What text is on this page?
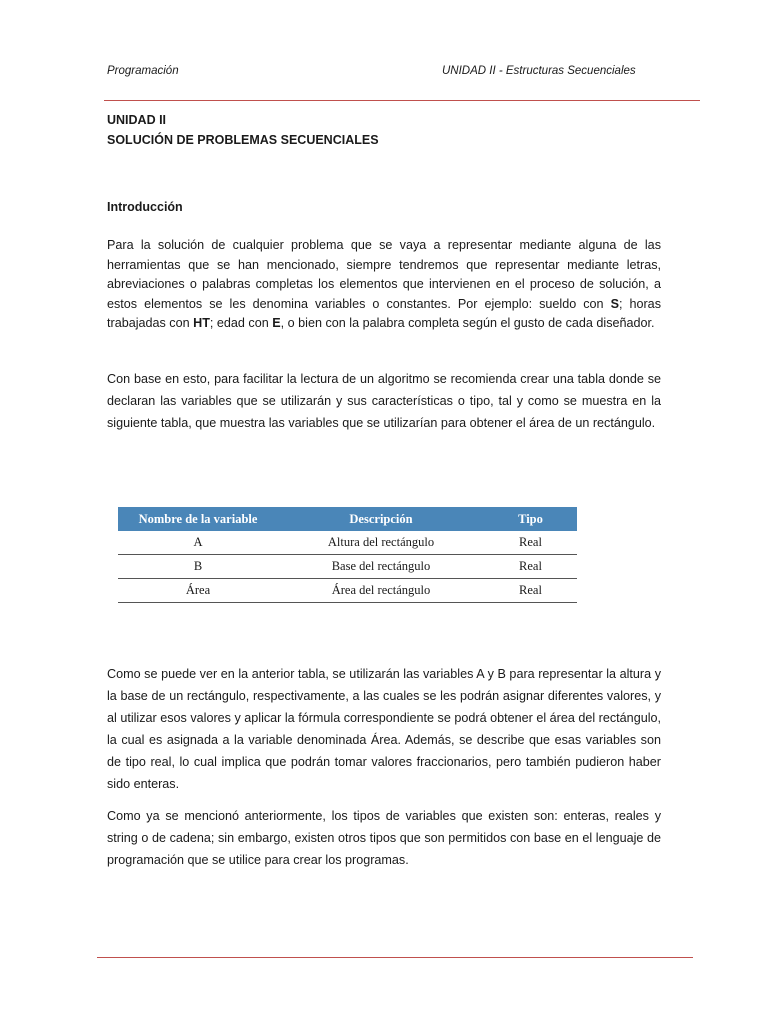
Programación	UNIDAD II - Estructuras Secuenciales
UNIDAD II
SOLUCIÓN DE PROBLEMAS SECUENCIALES
Introducción

Para la solución de cualquier problema que se vaya a representar mediante alguna de las herramientas que se han mencionado, siempre tendremos que representar mediante letras, abreviaciones o palabras completas los elementos que intervienen en el proceso de solución, a estos elementos se les denomina variables o constantes. Por ejemplo: sueldo con S; horas trabajadas con HT; edad con E, o bien con la palabra completa según el gusto de cada diseñador.

Con base en esto, para facilitar la lectura de un algoritmo se recomienda crear una tabla donde se declaran las variables que se utilizarán y sus características o tipo, tal y como se muestra en la siguiente tabla, que muestra las variables que se utilizarían para obtener el área de un rectángulo.

Nombre de la variable	Descripción	Tipo
A	Altura del rectángulo	Real
B	Base del rectángulo	Real
Área	Área del rectángulo	Real

Como se puede ver en la anterior tabla, se utilizarán las variables A y B para representar la altura y la base de un rectángulo, respectivamente, a las cuales se les podrán asignar diferentes valores, y al utilizar esos valores y aplicar la fórmula correspondiente se podrá obtener el área del rectángulo, la cual es asignada a la variable denominada Área. Además, se describe que esas variables son de tipo real, lo cual implica que podrán tomar valores fraccionarios, pero también pudieron haber sido enteras.

Como ya se mencionó anteriormente, los tipos de variables que existen son: enteras, reales y string o de cadena; sin embargo, existen otros tipos que son permitidos con base en el lenguaje de programación que se utilice para crear los programas.
